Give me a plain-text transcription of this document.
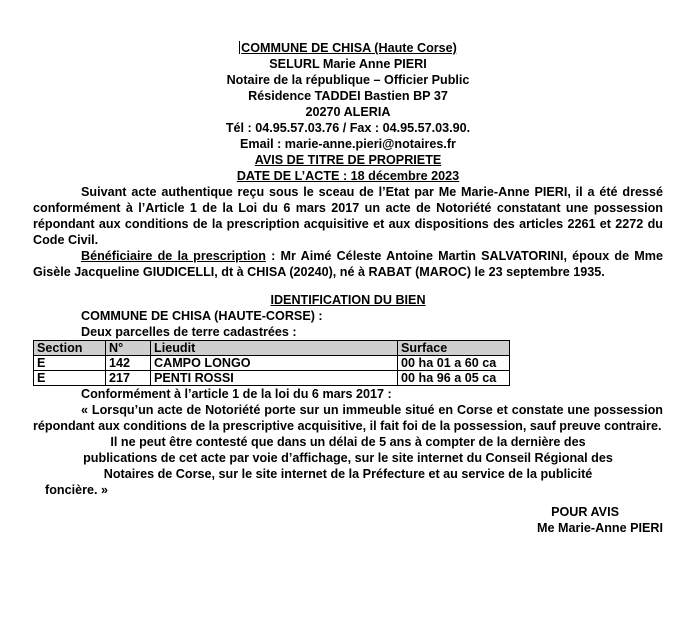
COMMUNE DE CHISA (Haute Corse)
SELURL Marie Anne PIERI
Notaire de la république – Officier Public
Résidence TADDEI Bastien BP 37
20270 ALERIA
Tél : 04.95.57.03.76 / Fax : 04.95.57.03.90.
Email : marie-anne.pieri@notaires.fr
AVIS DE TITRE DE PROPRIETE
DATE DE L’ACTE : 18 décembre 2023
Suivant acte authentique reçu sous le sceau de l’Etat par Me Marie-Anne PIERI, il a été dressé conformément à l’Article 1 de la Loi du 6 mars 2017 un acte de Notoriété constatant une possession répondant aux conditions de la prescription acquisitive et aux dispositions des articles 2261 et 2272 du Code Civil.
Bénéficiaire de la prescription : Mr Aimé Céleste Antoine Martin SALVATORINI, époux de Mme Gisèle Jacqueline GIUDICELLI, dt à CHISA (20240), né à RABAT (MAROC) le 23 septembre 1935.
IDENTIFICATION DU BIEN
COMMUNE DE CHISA (HAUTE-CORSE) :
Deux parcelles de terre cadastrées :
Section	N°	Lieudit	Surface
E	142	CAMPO LONGO	00 ha 01 a 60 ca
E	217	PENTI ROSSI	00 ha 96 a 05 ca
Conformément à l’article 1 de la loi du 6 mars 2017 :
« Lorsqu’un acte de Notoriété porte sur un immeuble situé en Corse et constate une possession répondant aux conditions de la prescriptive acquisitive, il fait foi de la possession, sauf preuve contraire.
Il ne peut être contesté que dans un délai de 5 ans à compter de la dernière des
publications de cet acte par voie d’affichage, sur le site internet du Conseil Régional des
Notaires de Corse, sur le site internet de la Préfecture et au service de la publicité
foncière. »
POUR AVIS
Me Marie-Anne PIERI
